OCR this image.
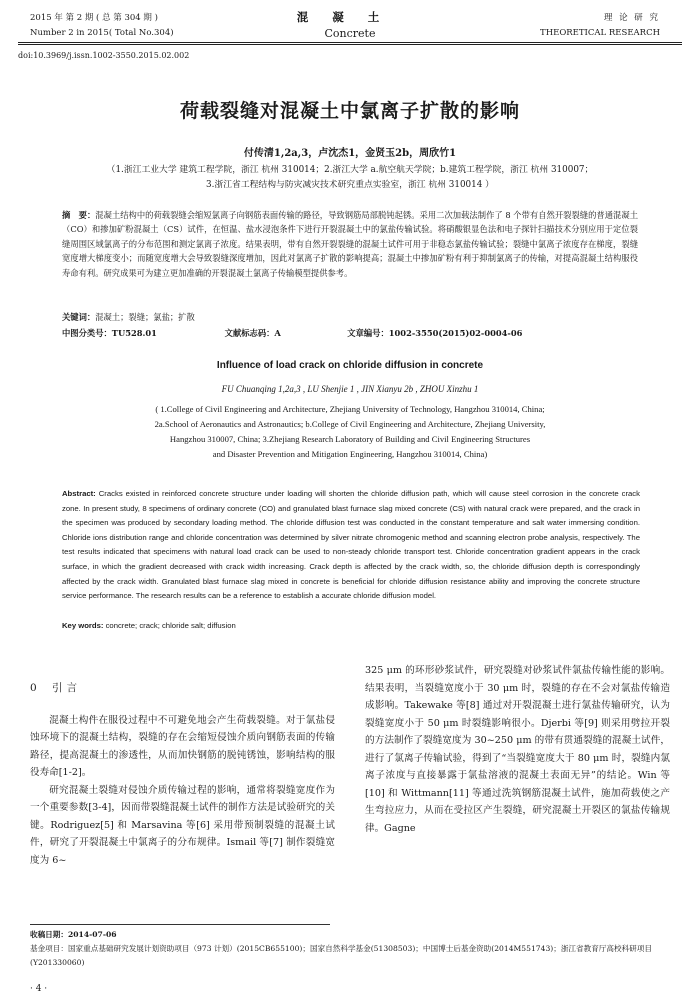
2015 年 第 2 期 ( 总 第 304 期 )
Number 2 in 2015( Total No.304)
混凝土
Concrete
理 论 研 究
THEORETICAL RESEARCH
doi:10.3969/j.issn.1002-3550.2015.02.002
荷载裂缝对混凝土中氯离子扩散的影响
付传清1,2a,3，卢沈杰1，金贤玉2b，周欣竹1
（1.浙江工业大学 建筑工程学院，浙江 杭州 310014；2.浙江大学 a.航空航天学院；b.建筑工程学院，浙江 杭州 310007；
3.浙江省工程结构与防灾减灾技术研究重点实验室，浙江 杭州 310014 ）
摘　要：混凝土结构中的荷载裂缝会缩短氯离子向钢筋表面传输的路径，导致钢筋局部脱钝起锈。采用二次加载法制作了 8 个带有自然开裂裂缝的普通混凝土（CO）和掺加矿粉混凝土（CS）试件，在恒温、盐水浸泡条件下进行开裂混凝土中的氯盐传输试验。将硝酸银显色法和电子探针扫描技术分别应用于定位裂缝周围区域氯离子的分布范围和测定氯离子浓度。结果表明，带有自然开裂裂缝的混凝土试件可用于非稳态氯盐传输试验；裂缝中氯离子浓度存在梯度，裂缝宽度增大梯度变小；而随宽度增大会导致裂缝深度增加，因此对氯离子扩散的影响提高；混凝土中掺加矿粉有利于抑制氯离子的传输，对提高混凝土结构服役寿命有利。研究成果可为建立更加准确的开裂混凝土氯离子传输模型提供参考。
关键词：混凝土；裂缝；氯盐；扩散
中图分类号：TU528.01	文献标志码：A	文章编号：1002-3550(2015)02-0004-06
Influence of load crack on chloride diffusion in concrete
FU Chuanqing 1,2a,3 , LU Shenjie 1 , JIN Xianyu 2b , ZHOU Xinzhu 1
( 1.College of Civil Engineering and Architecture, Zhejiang University of Technology, Hangzhou 310014, China;
2a.School of Aeronautics and Astronautics; b.College of Civil Engineering and Architecture, Zhejiang University,
Hangzhou 310007, China; 3.Zhejiang Research Laboratory of Building and Civil Engineering Structures
and Disaster Prevention and Mitigation Engineering, Hangzhou 310014, China)
Abstract: Cracks existed in reinforced concrete structure under loading will shorten the chloride diffusion path, which will cause steel corrosion in the concrete crack zone. In present study, 8 specimens of ordinary concrete (CO) and granulated blast furnace slag mixed concrete (CS) with natural crack were prepared, and the crack in the specimen was produced by secondary loading method. The chloride diffusion test was conducted in the constant temperature and salt water immersing condition. Chloride ions distribution range and chloride concentration was determined by silver nitrate chromogenic method and scanning electron probe analysis, respectively. The test results indicated that specimens with natural load crack can be used to non-steady chloride transport test. Chloride concentration gradient appears in the crack surface, in which the gradient decreased with crack width increasing. Crack depth is affected by the crack width, so, the chloride diffusion depth is correspondingly affected by the crack width. Granulated blast furnace slag mixed in concrete is beneficial for chloride diffusion resistance ability and improving the concrete structure service performance. The research results can be a reference to establish a accurate chloride diffusion model.
Key words: concrete; crack; chloride salt; diffusion
0 引言

混凝土构件在服役过程中不可避免地会产生荷载裂缝。对于氯盐侵蚀环境下的混凝土结构，裂缝的存在会缩短侵蚀介质向钢筋表面的传输路径，提高混凝土的渗透性，从而加快钢筋的脱钝锈蚀，影响结构的服役寿命[1-2]。

研究混凝土裂缝对侵蚀介质传输过程的影响，通常将裂缝宽度作为一个重要参数[3-4]，因而带裂缝混凝土试件的制作方法是试验研究的关键。Rodriguez[5] 和 Marsavina 等[6] 采用带预制裂缝的混凝土试件，研究了开裂混凝土中氯离子的分布规律。Ismail 等[7] 制作裂缝宽度为 6~

325 μm 的环形砂浆试件，研究裂缝对砂浆试件氯盐传输性能的影响。结果表明，当裂缝宽度小于 30 μm 时，裂缝的存在不会对氯盐传输造成影响。Takewake 等[8] 通过对开裂混凝土进行氯盐传输研究，认为裂缝宽度小于 50 μm 时裂缝影响很小。Djerbi 等[9] 则采用劈拉开裂的方法制作了裂缝宽度为 30~250 μm 的带有贯通裂缝的混凝土试件，进行了氯离子传输试验，得到了“当裂缝宽度大于 80 μm 时，裂缝内氯离子浓度与直接暴露于氯盐溶液的混凝土表面无异”的结论。Win 等[10] 和 Wittmann[11] 等通过洗筑钢筋混凝土试件，施加荷载使之产生弯拉应力，从而在受拉区产生裂缝，研究混凝土开裂区的氯盐传输规律。Gagne

收稿日期：2014-07-06
基金项目：国家重点基础研究发展计划资助项目（973 计划）(2015CB655100)；国家自然科学基金(51308503)；中国博士后基金资助(2014M551743)；浙江省教育厅高校科研项目(Y201330060)
· 4 ·
